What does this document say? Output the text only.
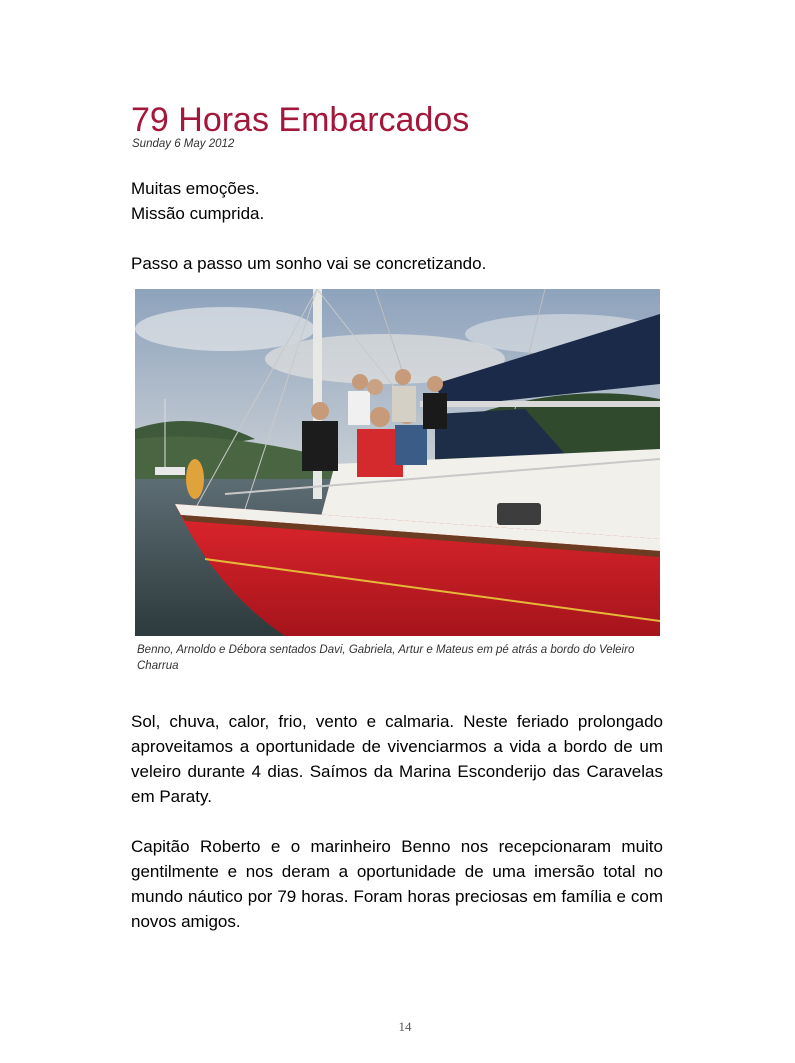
79 Horas Embarcados
Sunday 6 May 2012

Muitas emoções.

Missão cumprida.

Passo a passo um sonho vai se concretizando.

Benno, Arnoldo e Débora sentados Davi, Gabriela, Artur e Mateus em pé atrás a bordo do Veleiro Charrua

Sol, chuva, calor, frio, vento e calmaria. Neste feriado prolongado aproveitamos a oportunidade de vivenciarmos a vida a bordo de um veleiro durante 4 dias. Saímos da Marina Esconderijo das Caravelas em Paraty.

Capitão Roberto e o marinheiro Benno nos recepcionaram muito gentilmente e nos deram a oportunidade de uma imersão total no mundo náutico por 79 horas. Foram horas preciosas em família e com novos amigos.

14
